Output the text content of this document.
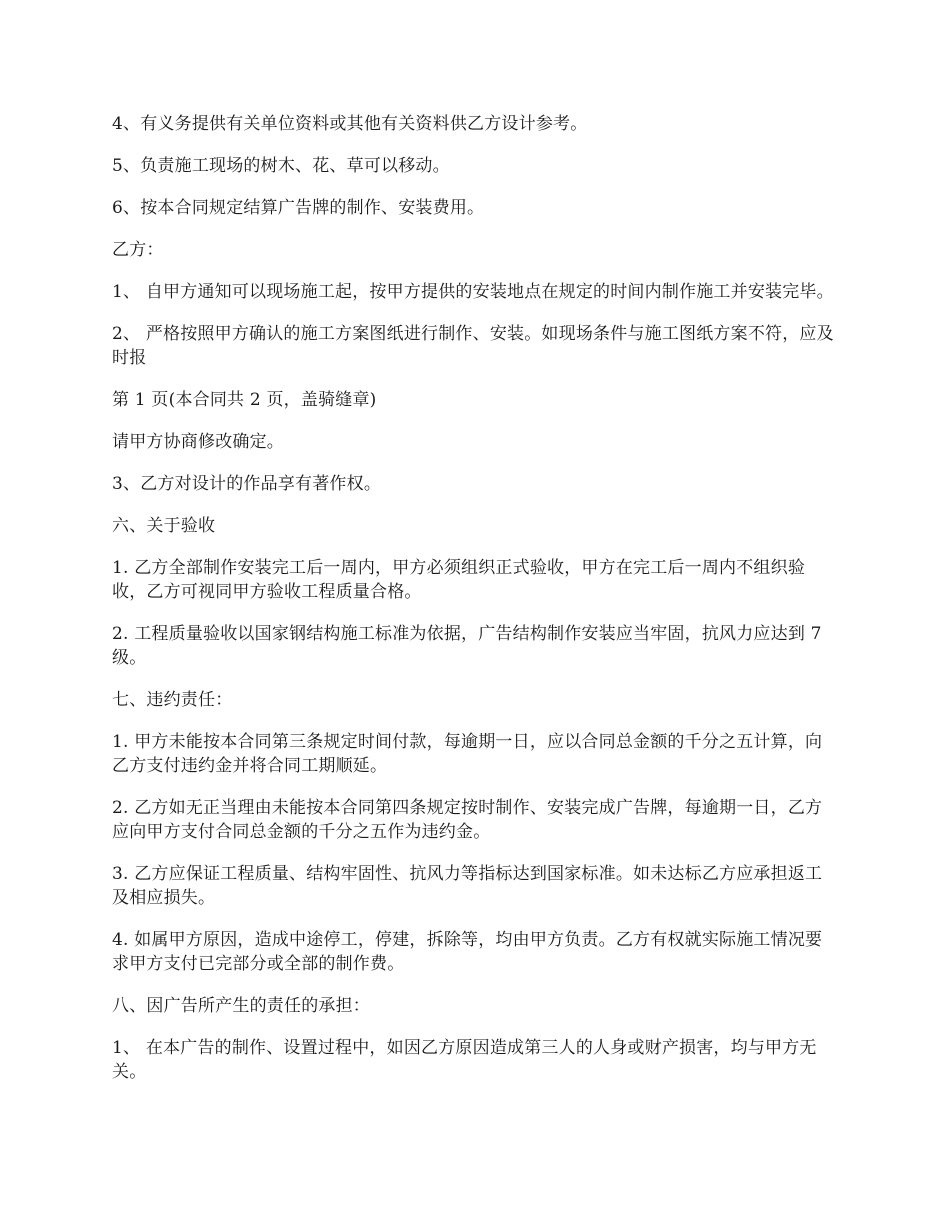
4、有义务提供有关单位资料或其他有关资料供乙方设计参考。

5、负责施工现场的树木、花、草可以移动。

6、按本合同规定结算广告牌的制作、安装费用。

乙方：

1、 自甲方通知可以现场施工起，按甲方提供的安装地点在规定的时间内制作施工并安装完毕。

2、 严格按照甲方确认的施工方案图纸进行制作、安装。如现场条件与施工图纸方案不符，应及时报

第 1 页(本合同共 2 页，盖骑缝章)

请甲方协商修改确定。

3、乙方对设计的作品享有著作权。

六、关于验收

1. 乙方全部制作安装完工后一周内，甲方必须组织正式验收，甲方在完工后一周内不组织验收，乙方可视同甲方验收工程质量合格。

2. 工程质量验收以国家钢结构施工标准为依据，广告结构制作安装应当牢固，抗风力应达到 7 级。

七、违约责任：

1. 甲方未能按本合同第三条规定时间付款，每逾期一日，应以合同总金额的千分之五计算，向乙方支付违约金并将合同工期顺延。

2. 乙方如无正当理由未能按本合同第四条规定按时制作、安装完成广告牌，每逾期一日，乙方应向甲方支付合同总金额的千分之五作为违约金。

3. 乙方应保证工程质量、结构牢固性、抗风力等指标达到国家标准。如未达标乙方应承担返工及相应损失。

4. 如属甲方原因，造成中途停工，停建，拆除等，均由甲方负责。乙方有权就实际施工情况要求甲方支付已完部分或全部的制作费。

八、因广告所产生的责任的承担：

1、 在本广告的制作、设置过程中，如因乙方原因造成第三人的人身或财产损害，均与甲方无关。
